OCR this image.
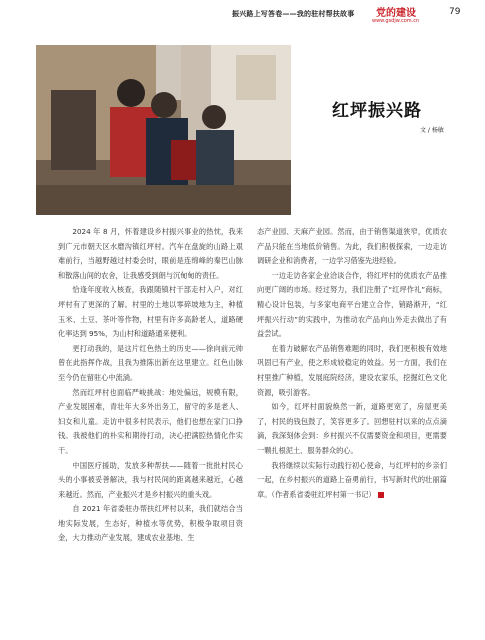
振兴路上写答卷——我的驻村帮扶故事 党的建设
www.gsdjw.com.cn
79
红坪振兴路
文 / 杨敏

2024 年 8 月，怀着建设乡村振兴事业的热忱，我来到广元市朝天区水磨沟镇红坪村。汽车在盘旋的山路上艰难前行，当越野越过村委会时，眼前是连绵峰的秦巴山脉和散落山间的农舍，让我感受到朗与沉甸甸的责任。

恰逢年度收入核查，我跟随镇村干部走村入户，对红坪村有了更深的了解。村里的土地以零碎坡地为主，种植玉米、土豆、茶叶等作物，村里有许多高龄老人，道路硬化率达到 95%，为山村和道路通来便利。

更打动我的，是这片红色热土的历史——徐向前元帅曾在此指挥作战，且我为推陈出新在这里建立。红色山脉至今仍在留驻心中流淌。

然而红坪村也面临严峻挑战：地处偏远，规模有限，产业发展困难，青壮年大多外出务工，留守的多是老人、妇女和儿童。走访中很多村民表示，他们也想在家门口挣钱。我被他们的朴实和期待打动，决心把满腔热情化作实干。

中国医疗援助，发放多种帮扶——随着一批批村民心头的小事被妥善解决，我与村民间的距离越来越近，心越来越近。然而，产业振兴才是乡村振兴的重头戏。

自 2021 年省委驻办帮扶红坪村以来，我们就结合当地实际发展，生态好，种植水等优势，积极争取项目资金，大力推动产业发展，建成农业基地、生

态产业园、天麻产业园。然而，由于销售渠道狭窄，优质农产品只能在当地低价销售。为此，我们积极探索，一边走访调研企业和消费者，一边学习借鉴先进经验。

一边走访各家企业洽谈合作，将红坪村的优质农产品推向更广阔的市场。经过努力，我们注册了“红坪作礼”商标，精心设计包装，与多家电商平台建立合作，销路渐开，“红坪振兴行动”的实践中，为推动农产品向山外走去做出了有益尝试。

在着力破解农产品销售难题的同时，我们更积极有效地巩固已有产业，使之形成较稳定的效益。另一方面，我们在村里推广种植，发展庭院经济，建设农家乐，挖掘红色文化资源，吸引游客。

如今，红坪村面貌焕然一新，道路更宽了，房屋更美了，村民的钱包鼓了，笑容更多了。回想驻村以来的点点滴滴，我深刻体会到：乡村振兴不仅需要资金和项目，更需要一颗扎根泥土、服务群众的心。

我将继续以实际行动践行初心使命，与红坪村的乡亲们一起，在乡村振兴的道路上奋勇前行，书写新时代的壮丽篇章。（作者系省委驻红坪村第一书记）
